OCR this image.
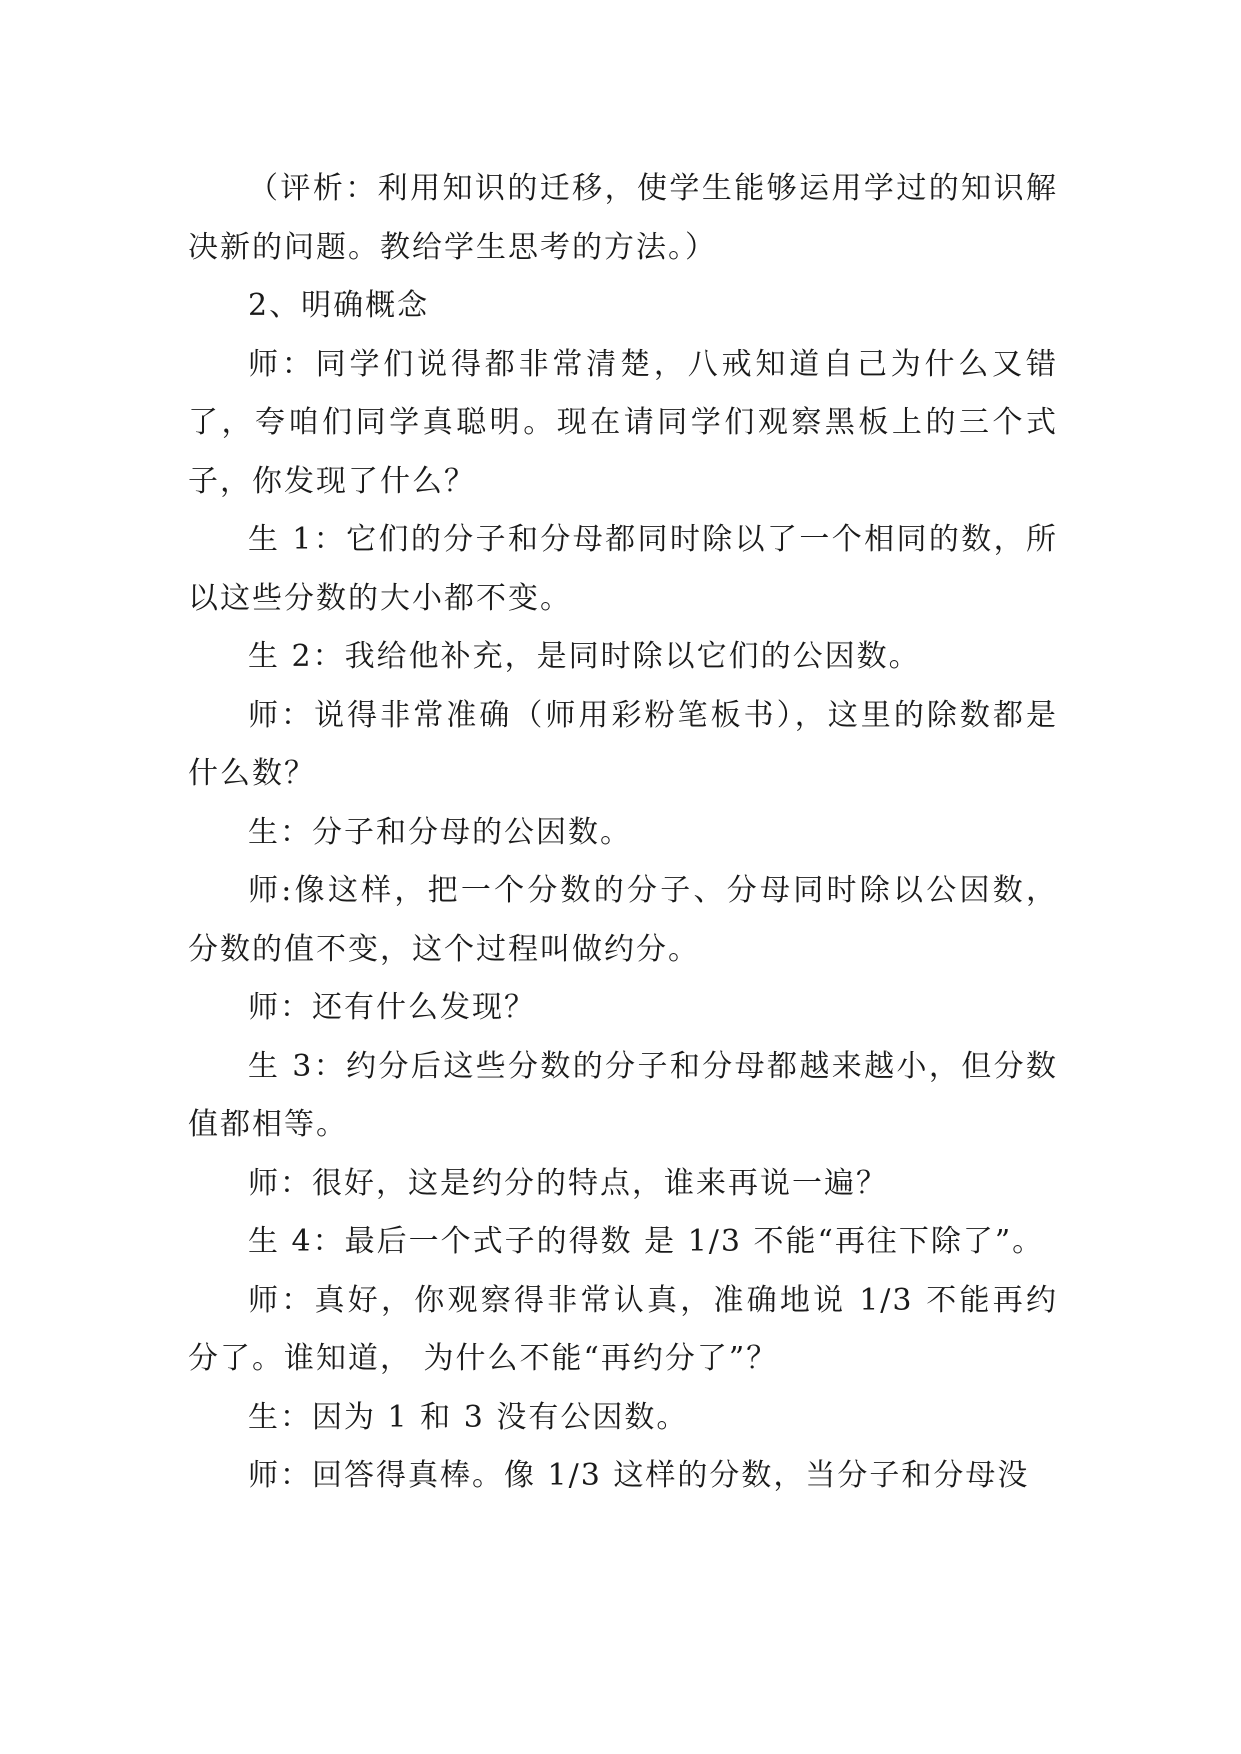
（评析：利用知识的迁移，使学生能够运用学过的知识解决新的问题。教给学生思考的方法。）

2、明确概念

师：同学们说得都非常清楚，八戒知道自己为什么又错了，夸咱们同学真聪明。现在请同学们观察黑板上的三个式子，你发现了什么？

生 1：它们的分子和分母都同时除以了一个相同的数，所以这些分数的大小都不变。

生 2：我给他补充，是同时除以它们的公因数。

师：说得非常准确（师用彩粉笔板书），这里的除数都是什么数？

生：分子和分母的公因数。

师:像这样，把一个分数的分子、分母同时除以公因数，分数的值不变，这个过程叫做约分。

师：还有什么发现？

生 3：约分后这些分数的分子和分母都越来越小，但分数值都相等。

师：很好，这是约分的特点，谁来再说一遍？

生 4：最后一个式子的得数 是 1/3 不能“再往下除了”。

师：真好，你观察得非常认真，准确地说 1/3 不能再约分了。谁知道， 为什么不能“再约分了”？

生：因为 1 和 3 没有公因数。

师：回答得真棒。像 1/3 这样的分数，当分子和分母没
